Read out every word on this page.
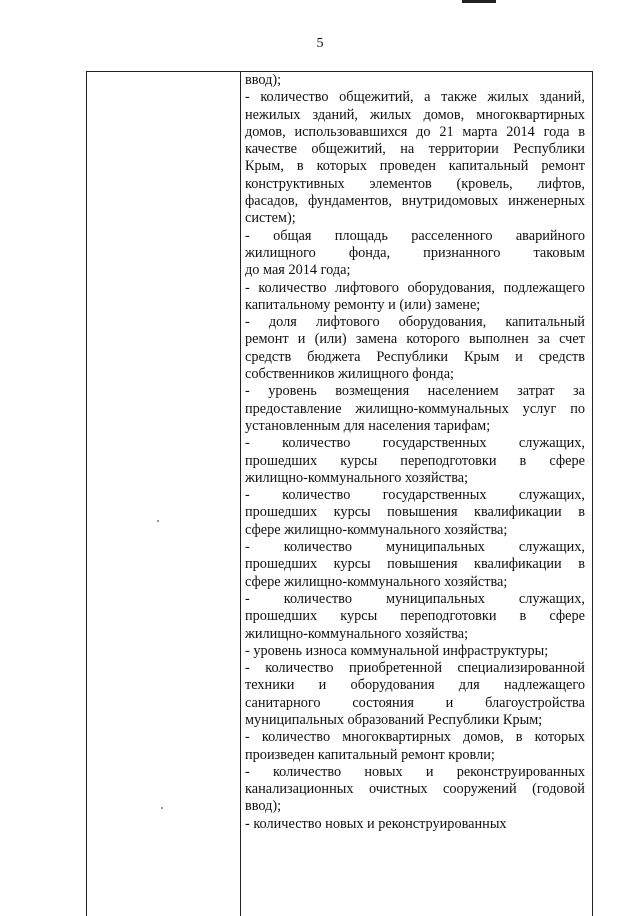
5
ввод);
- количество общежитий, а также жилых зданий,
нежилых зданий, жилых домов, многоквартирных
домов, использовавшихся до 21 марта 2014 года в
качестве общежитий, на территории Республики
Крым, в которых проведен капитальный ремонт
конструктивных элементов (кровель, лифтов,
фасадов, фундаментов, внутридомовых инженерных
систем);
- общая площадь расселенного аварийного
жилищного фонда, признанного таковым
до мая 2014 года;
- количество лифтового оборудования, подлежащего
капитальному ремонту и (или) замене;
- доля лифтового оборудования, капитальный
ремонт и (или) замена которого выполнен за счет
средств бюджета Республики Крым и средств
собственников жилищного фонда;
- уровень возмещения населением затрат за
предоставление жилищно-коммунальных услуг по
установленным для населения тарифам;
- количество государственных служащих,
прошедших курсы переподготовки в сфере
жилищно-коммунального хозяйства;
- количество государственных служащих,
прошедших курсы повышения квалификации в
сфере жилищно-коммунального хозяйства;
- количество муниципальных служащих,
прошедших курсы повышения квалификации в
сфере жилищно-коммунального хозяйства;
- количество муниципальных служащих,
прошедших курсы переподготовки в сфере
жилищно-коммунального хозяйства;
- уровень износа коммунальной инфраструктуры;
- количество приобретенной специализированной
техники и оборудования для надлежащего
санитарного состояния и благоустройства
муниципальных образований Республики Крым;
- количество многоквартирных домов, в которых
произведен капитальный ремонт кровли;
- количество новых и реконструированных
канализационных очистных сооружений (годовой
ввод);
- количество новых и реконструированных
